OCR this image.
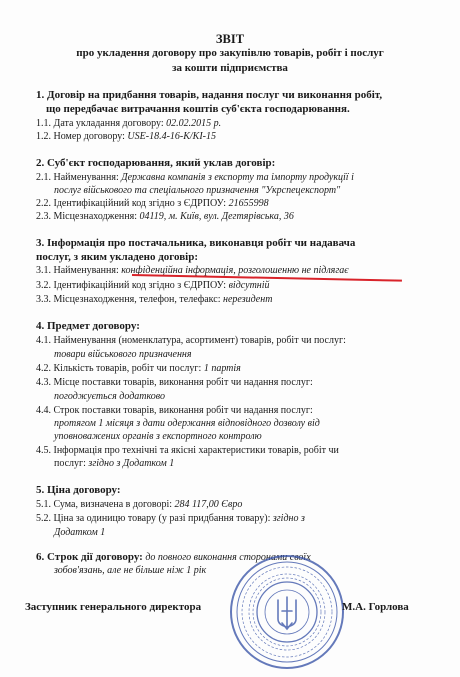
ЗВІТ
про укладення договору про закупівлю товарів, робіт і послуг
за кошти підприємства
1. Договір на придбання товарів, надання послуг чи виконання робіт,
що передбачає витрачання коштів суб'єкта господарювання.
1.1. Дата укладання договору: 02.02.2015 р.
1.2. Номер договору: USE-18.4-16-K/KI-15
2. Суб'єкт господарювання, який уклав договір:
2.1. Найменування: Державна компанія з експорту та імпорту продукції і
послуг військового та спеціального призначення "Укрспецекспорт"
2.2. Ідентифікаційний код згідно з ЄДРПОУ: 21655998
2.3. Місцезнаходження: 04119, м. Київ, вул. Дегтярівська, 36
3. Інформація про постачальника, виконавця робіт чи надавача
послуг, з яким укладено договір:
3.1. Найменування: конфіденційна інформація, розголошенню не підлягає
3.2. Ідентифікаційний код згідно з ЄДРПОУ: відсутній
3.3. Місцезнаходження, телефон, телефакс: нерезидент
4. Предмет договору:
4.1. Найменування (номенклатура, асортимент) товарів, робіт чи послуг:
товари військового призначення
4.2. Кількість товарів, робіт чи послуг: 1 партія
4.3. Місце поставки товарів, виконання робіт чи надання послуг:
погоджується додатково
4.4. Строк поставки товарів, виконання робіт чи надання послуг:
протягом 1 місяця з дати одержання відповідного дозволу від
уповноважених органів з експортного контролю
4.5. Інформація про технічні та якісні характеристики товарів, робіт чи
послуг: згідно з Додатком 1
5. Ціна договору:
5.1. Сума, визначена в договорі: 284 117,00 Євро
5.2. Ціна за одиницю товару (у разі придбання товару): згідно з
Додатком 1
6. Строк дії договору: до повного виконання сторонами своїх
зобов'язань, але не більше ніж 1 рік
Заступник генерального директора	М.А. Горлова
